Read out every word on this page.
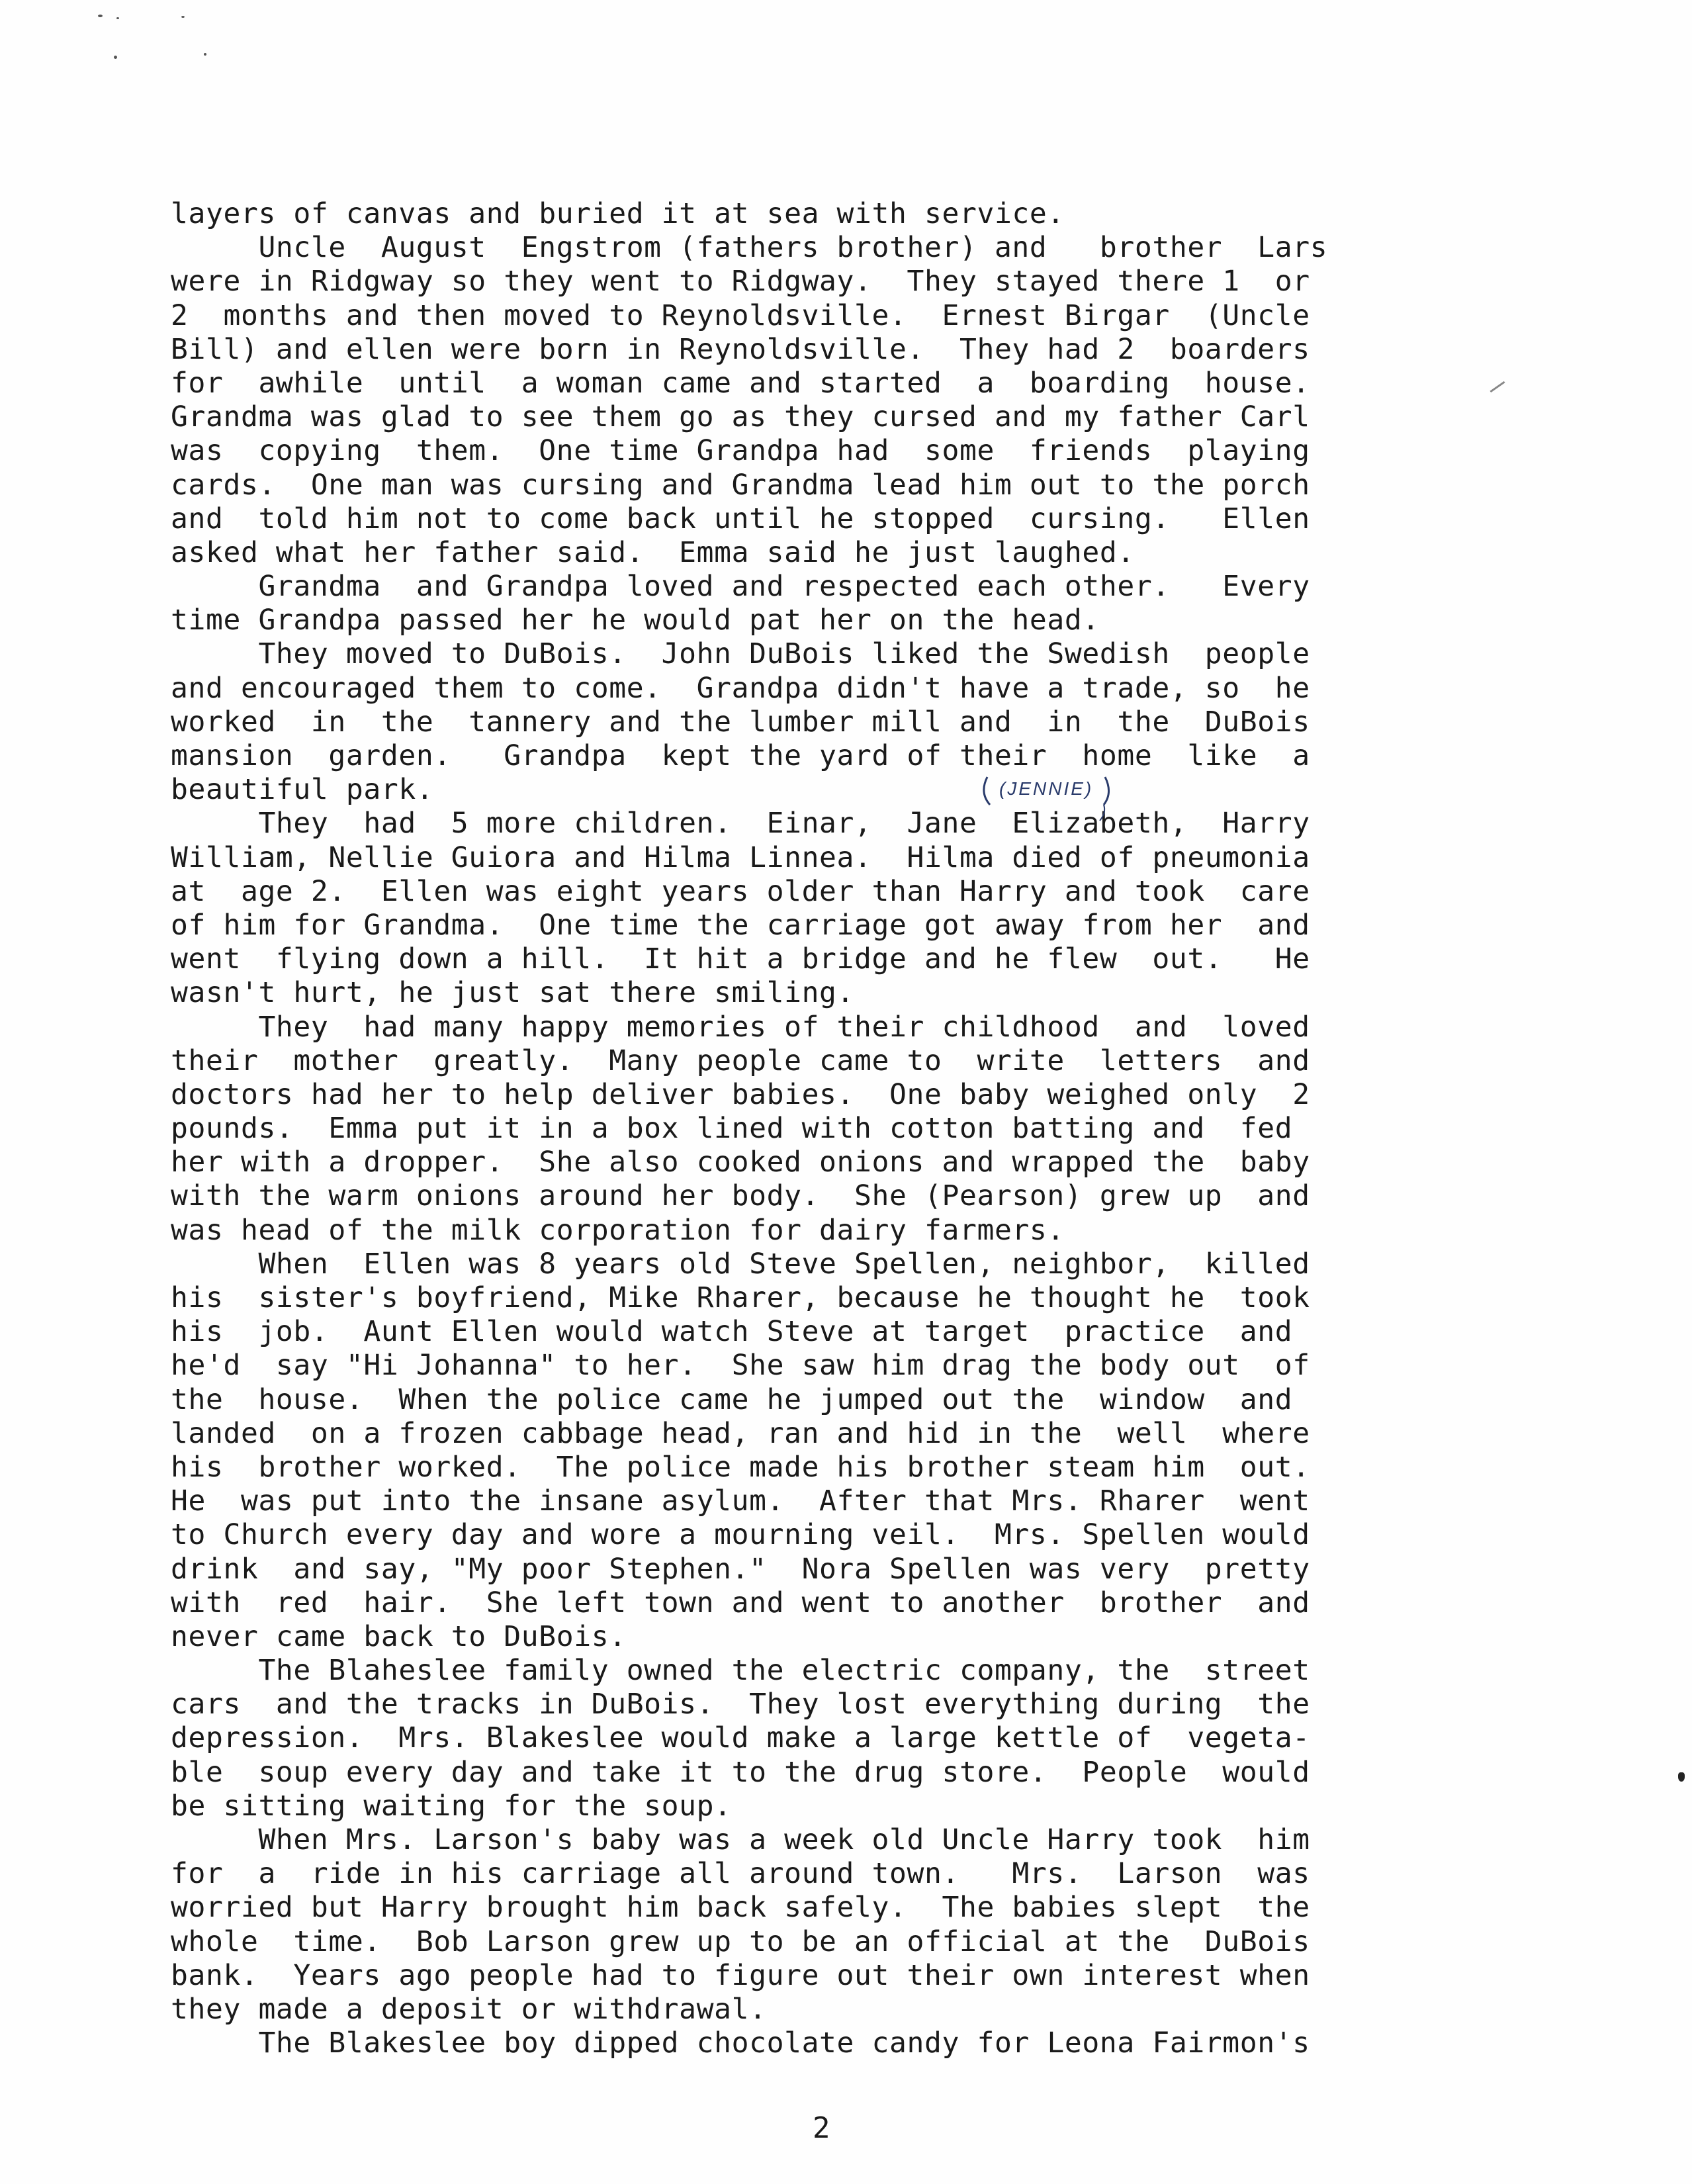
layers of canvas and buried it at sea with service.
Uncle  August  Engstrom (fathers brother) and   brother  Lars
were in Ridgway so they went to Ridgway.  They stayed there 1  or
2  months and then moved to Reynoldsville.  Ernest Birgar  (Uncle
Bill) and ellen were born in Reynoldsville.  They had 2  boarders
for  awhile  until  a woman came and started  a  boarding  house.
Grandma was glad to see them go as they cursed and my father Carl
was  copying  them.  One time Grandpa had  some  friends  playing
cards.  One man was cursing and Grandma lead him out to the porch
and  told him not to come back until he stopped  cursing.   Ellen
asked what her father said.  Emma said he just laughed.
Grandma  and Grandpa loved and respected each other.   Every
time Grandpa passed her he would pat her on the head.
They moved to DuBois.  John DuBois liked the Swedish  people
and encouraged them to come.  Grandpa didn't have a trade, so  he
worked  in  the  tannery and the lumber mill and  in  the  DuBois
mansion  garden.   Grandpa  kept the yard of their  home  like  a
beautiful park.
They  had  5 more children.  Einar,  Jane  Elizabeth,  Harry
William, Nellie Guiora and Hilma Linnea.  Hilma died of pneumonia
at  age 2.  Ellen was eight years older than Harry and took  care
of him for Grandma.  One time the carriage got away from her  and
went  flying down a hill.  It hit a bridge and he flew  out.   He
wasn't hurt, he just sat there smiling.
They  had many happy memories of their childhood  and  loved
their  mother  greatly.  Many people came to  write  letters  and
doctors had her to help deliver babies.  One baby weighed only  2
pounds.  Emma put it in a box lined with cotton batting and  fed
her with a dropper.  She also cooked onions and wrapped the  baby
with the warm onions around her body.  She (Pearson) grew up  and
was head of the milk corporation for dairy farmers.
When  Ellen was 8 years old Steve Spellen, neighbor,  killed
his  sister's boyfriend, Mike Rharer, because he thought he  took
his  job.  Aunt Ellen would watch Steve at target  practice  and
he'd  say "Hi Johanna" to her.  She saw him drag the body out  of
the  house.  When the police came he jumped out the  window  and
landed  on a frozen cabbage head, ran and hid in the  well  where
his  brother worked.  The police made his brother steam him  out.
He  was put into the insane asylum.  After that Mrs. Rharer  went
to Church every day and wore a mourning veil.  Mrs. Spellen would
drink  and say, "My poor Stephen."  Nora Spellen was very  pretty
with  red  hair.  She left town and went to another  brother  and
never came back to DuBois.
The Blaheslee family owned the electric company, the  street
cars  and the tracks in DuBois.  They lost everything during  the
depression.  Mrs. Blakeslee would make a large kettle of  vegeta-
ble  soup every day and take it to the drug store.  People  would
be sitting waiting for the soup.
When Mrs. Larson's baby was a week old Uncle Harry took  him
for  a  ride in his carriage all around town.   Mrs.  Larson  was
worried but Harry brought him back safely.  The babies slept  the
whole  time.  Bob Larson grew up to be an official at the  DuBois
bank.  Years ago people had to figure out their own interest when
they made a deposit or withdrawal.
The Blakeslee boy dipped chocolate candy for Leona Fairmon's
(JENNIE)
2
